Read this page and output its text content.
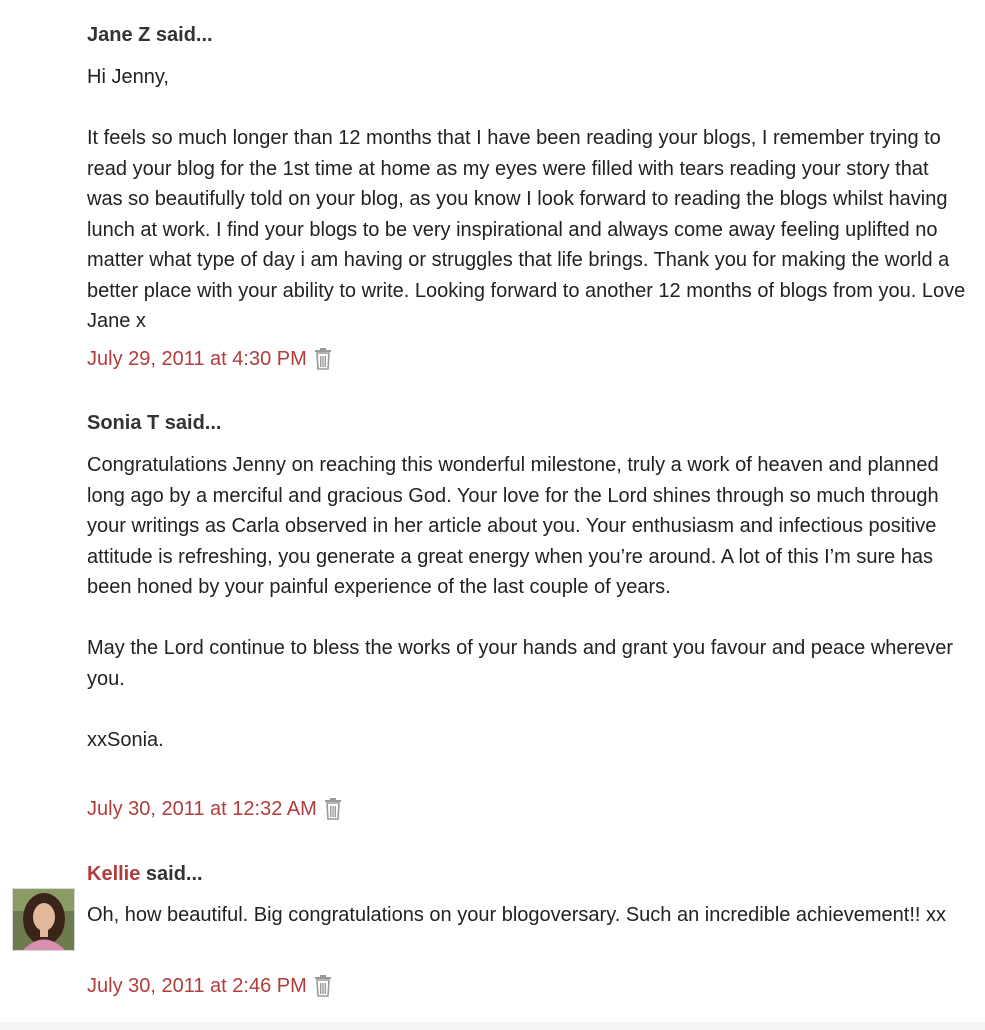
Jane Z said...

Hi Jenny,

It feels so much longer than 12 months that I have been reading your blogs, I remember trying to read your blog for the 1st time at home as my eyes were filled with tears reading your story that was so beautifully told on your blog, as you know I look forward to reading the blogs whilst having lunch at work. I find your blogs to be very inspirational and always come away feeling uplifted no matter what type of day i am having or struggles that life brings. Thank you for making the world a better place with your ability to write. Looking forward to another 12 months of blogs from you. Love Jane x

July 29, 2011 at 4:30 PM
Sonia T said...

Congratulations Jenny on reaching this wonderful milestone, truly a work of heaven and planned long ago by a merciful and gracious God. Your love for the Lord shines through so much through your writings as Carla observed in her article about you. Your enthusiasm and infectious positive attitude is refreshing, you generate a great energy when you’re around. A lot of this I’m sure has been honed by your painful experience of the last couple of years.

May the Lord continue to bless the works of your hands and grant you favour and peace wherever you.

xxSonia.

July 30, 2011 at 12:32 AM
Kellie said...

Oh, how beautiful. Big congratulations on your blogoversary. Such an incredible achievement!! xx

July 30, 2011 at 2:46 PM
